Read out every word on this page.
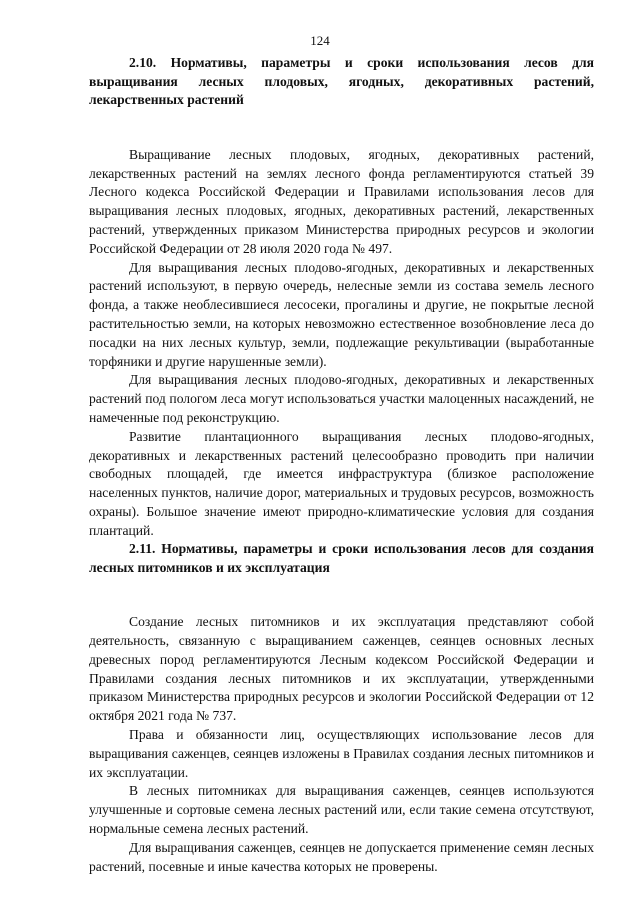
124

2.10. Нормативы, параметры и сроки использования лесов для выращивания лесных плодовых, ягодных, декоративных растений, лекарственных растений

Выращивание лесных плодовых, ягодных, декоративных растений, лекарственных растений на землях лесного фонда регламентируются статьей 39 Лесного кодекса Российской Федерации и Правилами использования лесов для выращивания лесных плодовых, ягодных, декоративных растений, лекарственных растений, утвержденных приказом Министерства природных ресурсов и экологии Российской Федерации от 28 июля 2020 года № 497.

Для выращивания лесных плодово-ягодных, декоративных и лекарственных растений используют, в первую очередь, нелесные земли из состава земель лесного фонда, а также необлесившиеся лесосеки, прогалины и другие, не покрытые лесной растительностью земли, на которых невозможно естественное возобновление леса до посадки на них лесных культур, земли, подлежащие рекультивации (выработанные торфяники и другие нарушенные земли).

Для выращивания лесных плодово-ягодных, декоративных и лекарственных растений под пологом леса могут использоваться участки малоценных насаждений, не намеченные под реконструкцию.

Развитие плантационного выращивания лесных плодово-ягодных, декоративных и лекарственных растений целесообразно проводить при наличии свободных площадей, где имеется инфраструктура (близкое расположение населенных пунктов, наличие дорог, материальных и трудовых ресурсов, возможность охраны). Большое значение имеют природно-климатические условия для создания плантаций.

2.11. Нормативы, параметры и сроки использования лесов для создания лесных питомников и их эксплуатация

Создание лесных питомников и их эксплуатация представляют собой деятельность, связанную с выращиванием саженцев, сеянцев основных лесных древесных пород регламентируются Лесным кодексом Российской Федерации и Правилами создания лесных питомников и их эксплуатации, утвержденными приказом Министерства природных ресурсов и экологии Российской Федерации от 12 октября 2021 года № 737.

Права и обязанности лиц, осуществляющих использование лесов для выращивания саженцев, сеянцев изложены в Правилах создания лесных питомников и их эксплуатации.

В лесных питомниках для выращивания саженцев, сеянцев используются улучшенные и сортовые семена лесных растений или, если такие семена отсутствуют, нормальные семена лесных растений.

Для выращивания саженцев, сеянцев не допускается применение семян лесных растений, посевные и иные качества которых не проверены.
